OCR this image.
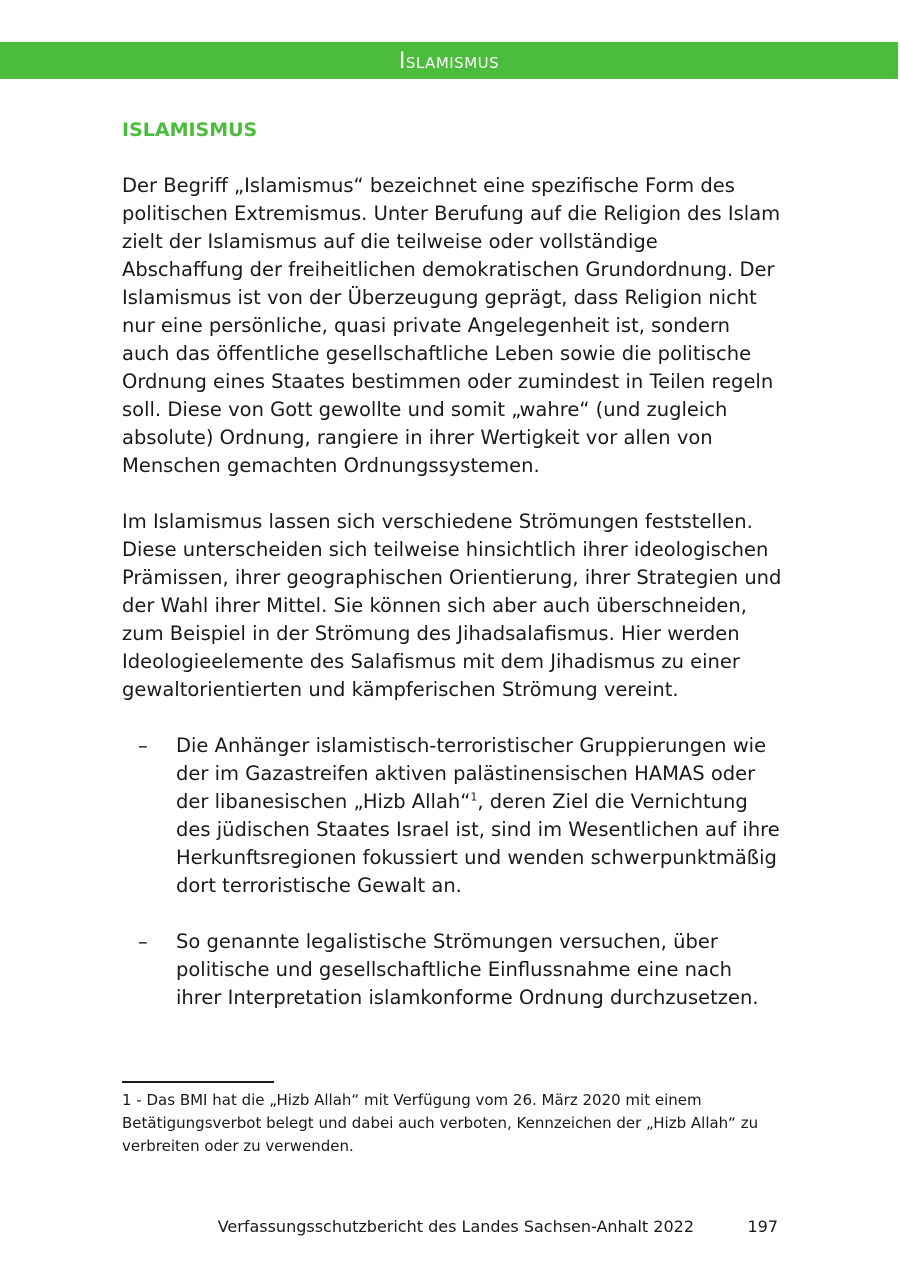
Islamismus
ISLAMISMUS

Der Begriff „Islamismus“ bezeichnet eine spezifische Form des politischen Extremismus. Unter Berufung auf die Religion des Islam zielt der Islamismus auf die teilweise oder vollständige Abschaffung der freiheitlichen demokratischen Grundordnung. Der Islamismus ist von der Überzeugung geprägt, dass Religion nicht nur eine persönliche, quasi private Angelegenheit ist, sondern auch das öffentliche gesellschaftliche Leben sowie die politische Ordnung eines Staates bestimmen oder zumindest in Teilen regeln soll. Diese von Gott gewollte und somit „wahre“ (und zugleich absolute) Ordnung, rangiere in ihrer Wertigkeit vor allen von Menschen gemachten Ordnungssystemen.

Im Islamismus lassen sich verschiedene Strömungen feststellen. Diese unterscheiden sich teilweise hinsichtlich ihrer ideologischen Prämissen, ihrer geographischen Orientierung, ihrer Strategien und der Wahl ihrer Mittel. Sie können sich aber auch überschneiden, zum Beispiel in der Strömung des Jihadsalafismus. Hier werden Ideologieelemente des Salafismus mit dem Jihadismus zu einer gewaltorientierten und kämpferischen Strömung vereint.

– Die Anhänger islamistisch-terroristischer Gruppierungen wie der im Gazastreifen aktiven palästinensischen HAMAS oder der libanesischen „Hizb Allah“$^1$, deren Ziel die Vernichtung des jüdischen Staates Israel ist, sind im Wesentlichen auf ihre Herkunftsregionen fokussiert und wenden schwerpunktmäßig dort terroristische Gewalt an.
– So genannte legalistische Strömungen versuchen, über politische und gesellschaftliche Einflussnahme eine nach ihrer Interpretation islamkonforme Ordnung durchzusetzen.
1 - Das BMI hat die „Hizb Allah“ mit Verfügung vom 26. März 2020 mit einem Betätigungsverbot belegt und dabei auch verboten, Kennzeichen der „Hizb Allah“ zu verbreiten oder zu verwenden.
Verfassungsschutzbericht des Landes Sachsen-Anhalt 2022	197
